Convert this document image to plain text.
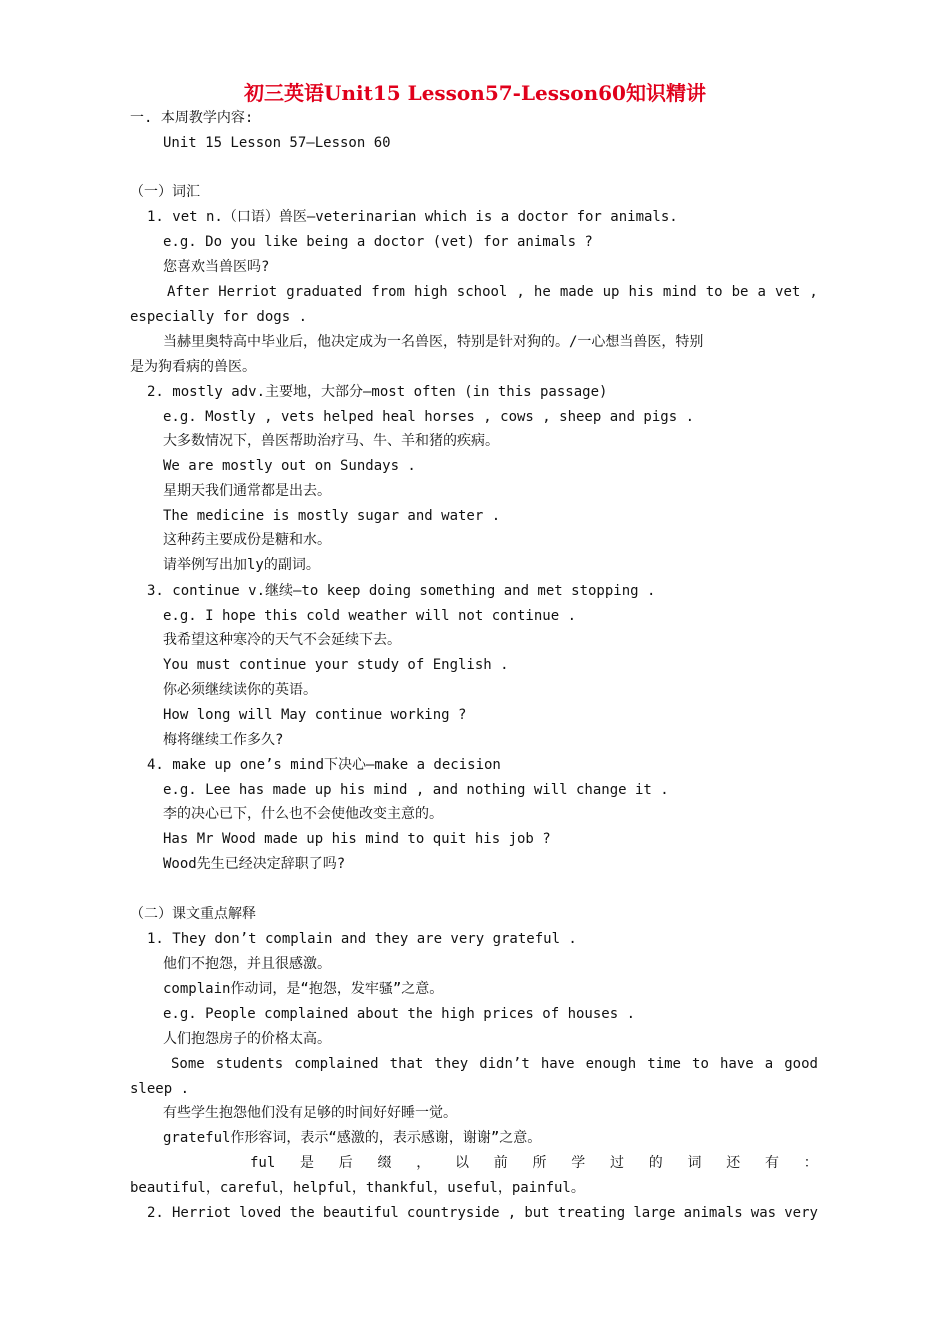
初三英语Unit15 Lesson57-Lesson60知识精讲
一. 本周教学内容:
Unit 15 Lesson 57—Lesson 60
（一）词汇
1. vet n.（口语）兽医—veterinarian which is a doctor for animals.
e.g. Do you like being a doctor (vet) for animals ?
您喜欢当兽医吗?
After Herriot graduated from high school , he made up his mind to be a vet ,
especially for dogs .
当赫里奥特高中毕业后，他决定成为一名兽医，特别是针对狗的。/一心想当兽医，特别
是为狗看病的兽医。
2. mostly adv.主要地，大部分—most often (in this passage)
e.g. Mostly , vets helped heal horses , cows , sheep and pigs .
大多数情况下，兽医帮助治疗马、牛、羊和猪的疾病。
We are mostly out on Sundays .
星期天我们通常都是出去。
The medicine is mostly sugar and water .
这种药主要成份是糖和水。
请举例写出加ly的副词。
3. continue v.继续—to keep doing something and met stopping .
e.g. I hope this cold weather will not continue .
我希望这种寒冷的天气不会延续下去。
You must continue your study of English .
你必须继续读你的英语。
How long will May continue working ?
梅将继续工作多久?
4. make up one’s mind下决心—make a decision
e.g. Lee has made up his mind , and nothing will change it .
李的决心已下，什么也不会使他改变主意的。
Has Mr Wood made up his mind to quit his job ?
Wood先生已经决定辞职了吗?
（二）课文重点解释
1. They don’t complain and they are very grateful .
他们不抱怨，并且很感激。
complain作动词，是“抱怨，发牢骚”之意。
e.g. People complained about the high prices of houses .
人们抱怨房子的价格太高。
Some students complained that they didn’t have enough time to have a good
sleep .
有些学生抱怨他们没有足够的时间好好睡一觉。
grateful作形容词，表示“感激的，表示感谢，谢谢”之意。
ful 是 后 缀 ， 以 前 所 学 过 的 词 还 有 ：
beautiful，careful，helpful，thankful，useful，painful。
2. Herriot loved the beautiful countryside , but treating large animals was very
